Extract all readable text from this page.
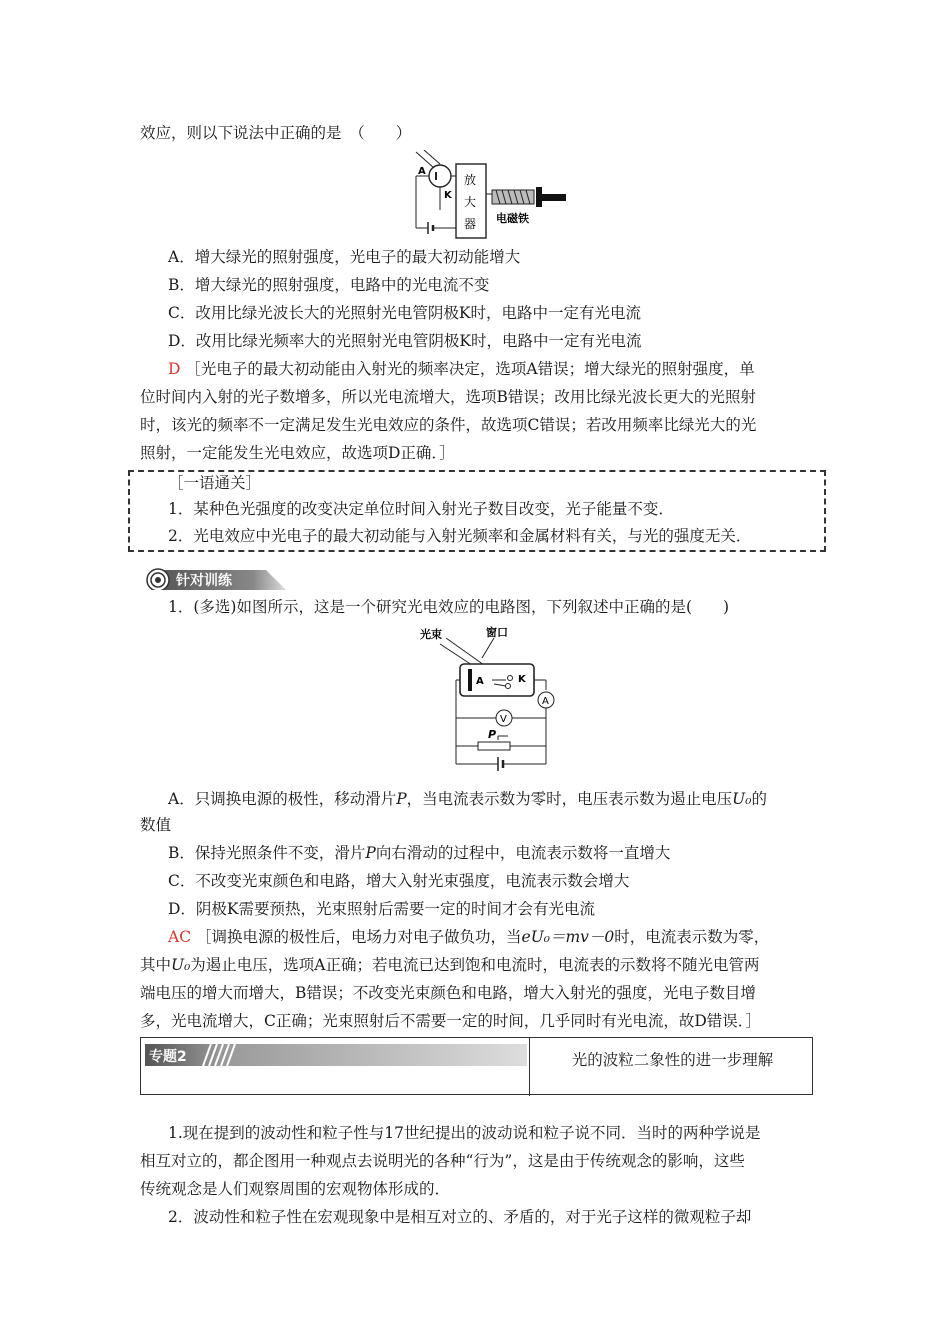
效应，则以下说法中正确的是　（　　）
A
K
放
大
器 电磁铁
A．增大绿光的照射强度，光电子的最大初动能增大
B．增大绿光的照射强度，电路中的光电流不变
C．改用比绿光波长大的光照射光电管阴极K时，电路中一定有光电流
D．改用比绿光频率大的光照射光电管阴极K时，电路中一定有光电流
D ［光电子的最大初动能由入射光的频率决定，选项A错误；增大绿光的照射强度，单
位时间内入射的光子数增多，所以光电流增大，选项B错误；改用比绿光波长更大的光照射
时，该光的频率不一定满足发生光电效应的条件，故选项C错误；若改用频率比绿光大的光
照射，一定能发生光电效应，故选项D正确．］
［一语通关］
1．某种色光强度的改变决定单位时间入射光子数目改变，光子能量不变．
2．光电效应中光电子的最大初动能与入射光频率和金属材料有关，与光的强度无关．
针对训练
1．(多选)如图所示，这是一个研究光电效应的电路图，下列叙述中正确的是(　　)
光束	窗口
A	K
A
V
P
A．只调换电源的极性，移动滑片P，当电流表示数为零时，电压表示数为遏止电压U₀的
数值
B．保持光照条件不变，滑片P向右滑动的过程中，电流表示数将一直增大
C．不改变光束颜色和电路，增大入射光束强度，电流表示数会增大
D．阴极K需要预热，光束照射后需要一定的时间才会有光电流
AC ［调换电源的极性后，电场力对电子做负功，当eU₀＝mv－0时，电流表示数为零，
其中U₀为遏止电压，选项A正确；若电流已达到饱和电流时，电流表的示数将不随光电管两
端电压的增大而增大，B错误；不改变光束颜色和电路，增大入射光的强度，光电子数目增
多，光电流增大，C正确；光束照射后不需要一定的时间，几乎同时有光电流，故D错误．］
专题2	光的波粒二象性的进一步理解
1.现在提到的波动性和粒子性与17世纪提出的波动说和粒子说不同．当时的两种学说是
相互对立的，都企图用一种观点去说明光的各种“行为”，这是由于传统观念的影响，这些
传统观念是人们观察周围的宏观物体形成的．
2．波动性和粒子性在宏观现象中是相互对立的、矛盾的，对于光子这样的微观粒子却
